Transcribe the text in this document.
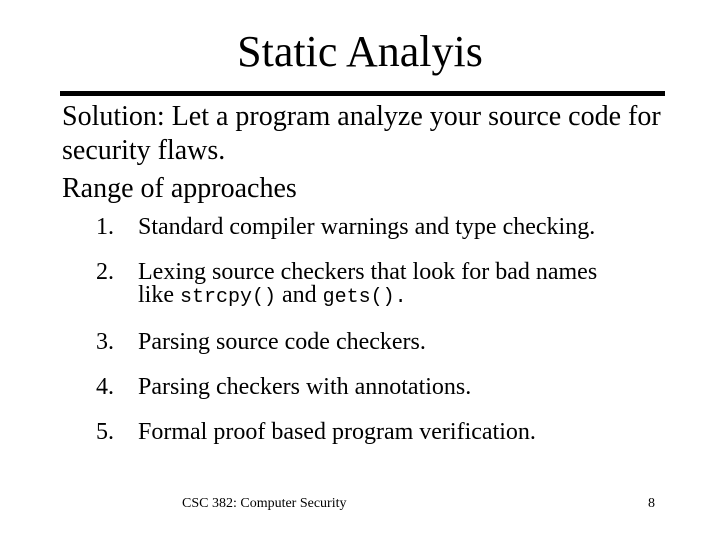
Static Analyis

Solution: Let a program analyze your source code for security flaws.

Range of approaches

1. Standard compiler warnings and type checking.
2. Lexing source checkers that look for bad names like strcpy() and gets().
3. Parsing source code checkers.
4. Parsing checkers with annotations.
5. Formal proof based program verification.
CSC 382: Computer Security	8
